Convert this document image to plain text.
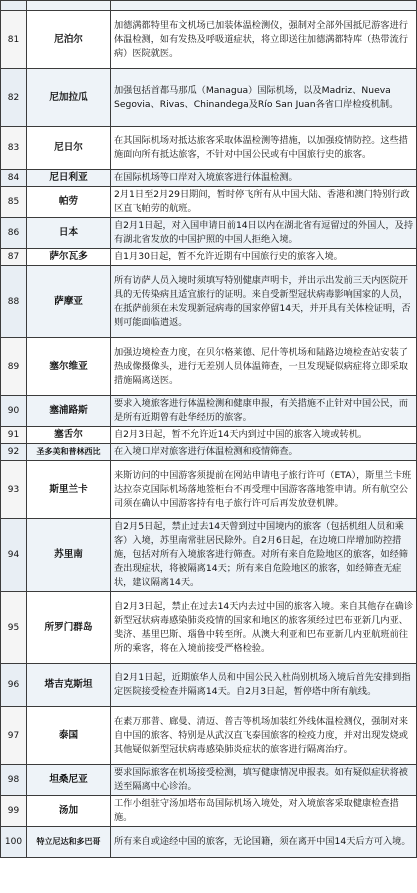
81	尼泊尔	加德满都特里布文机场已加装体温检测仪，强制对全部外国抵尼游客进行体温检测，如有发热及呼吸道症状，将立即送往加德满都特库（热带流行病）医院就医。
82	尼加拉瓜	加强包括首都马那瓜（Managua）国际机场，以及Madriz、Nueva Segovia、Rivas、Chinandega及Río San Juan各省口岸检疫机制。
83	尼日尔	在其国际机场对抵达旅客采取体温检测等措施，以加强疫情防控。这些措施面向所有抵达旅客，不针对中国公民或有中国旅行史的旅客。
84	尼日利亚	在国际机场等口岸对入境旅客进行体温检测。
85	帕劳	2月1日至2月29日期间，暂时停飞所有从中国大陆、香港和澳门特别行政区直飞帕劳的航班。
86	日本	自2月1日起，对入国申请日前14日以内在湖北省有逗留过的外国人，及持有湖北省发放的中国护照的中国人拒绝入境。
87	萨尔瓦多	自1月30日起，暂不允许近期有中国旅行史的旅客入境。
88	萨摩亚	所有访萨人员入境时须填写特别健康声明卡，并出示出发前三天内医院开具的无传染病且适宜旅行的证明。来自受新型冠状病毒影响国家的人员，在抵萨前须在未发现新冠病毒的国家停留14天，并开具有关体检证明，否则可能面临遣返。
89	塞尔维亚	加强边境检查力度，在贝尔格莱德、尼什等机场和陆路边境检查站安装了热成像摄像头，进行无差别人员体温筛查，一旦发现疑似病症将立即采取措施隔离送医。
90	塞浦路斯	要求入境旅客进行体温检测和健康申报，有关措施不止针对中国公民，而是所有近期曾有赴华经历的旅客。
91	塞舌尔	自2月3日起，暂不允许近14天内到过中国的旅客入境或转机。
92	圣多美和普林西比	在入境口岸对旅客进行体温检测和疫情筛查。
93	斯里兰卡	来斯访问的中国游客须提前在网站申请电子旅行许可（ETA），斯里兰卡班达拉奈克国际机场落地签柜台不再受理中国游客落地签申请。所有航空公司须在确认中国游客持有电子旅行许可后再发放登机牌。
94	苏里南	自2月5日起，禁止过去14天曾到过中国境内的旅客（包括机组人员和乘客）入境，苏里南常驻居民除外。自2月6日起，在边境口岸增加防控措施，包括对所有入境旅客进行筛查。对所有来自危险地区的旅客，如经筛查出现症状，将被隔离14天；所有来自危险地区的旅客，如经筛查无症状，建议隔离14天。
95	所罗门群岛	自2月3日起，禁止在过去14天内去过中国的旅客入境。来自其他存在确诊新型冠状病毒感染肺炎疫情的国家和地区的旅客须经过巴布亚新几内亚、斐济、基里巴斯、瑙鲁中转至所。从澳大利亚和巴布亚新几内亚航班前往所的乘客，将在入境前接受严格检验。
96	塔吉克斯坦	自2月1日起，近期旅华人员和中国公民入杜尚别机场入境后首先安排到指定医院接受检查并隔离14天。自2月3日起，暂停塔中所有航线。
97	泰国	在素万那普、廊曼、清迈、普吉等机场加装红外线体温检测仪，强制对来自中国的旅客、特别是从武汉直飞泰国旅客的检疫力度，并对出现发烧或其他疑似新型冠状病毒感染肺炎症状的旅客进行隔离治疗。
98	坦桑尼亚	要求国际旅客在机场接受检测，填写健康情况申报表。如有疑似症状将被送至隔离中心诊治。
99	汤加	工作小组驻守汤加塔布岛国际机场入境处，对入境旅客采取健康检查措施。
100	特立尼达和多巴哥	所有来自或途经中国的旅客，无论国籍，须在离开中国14天后方可入境。
